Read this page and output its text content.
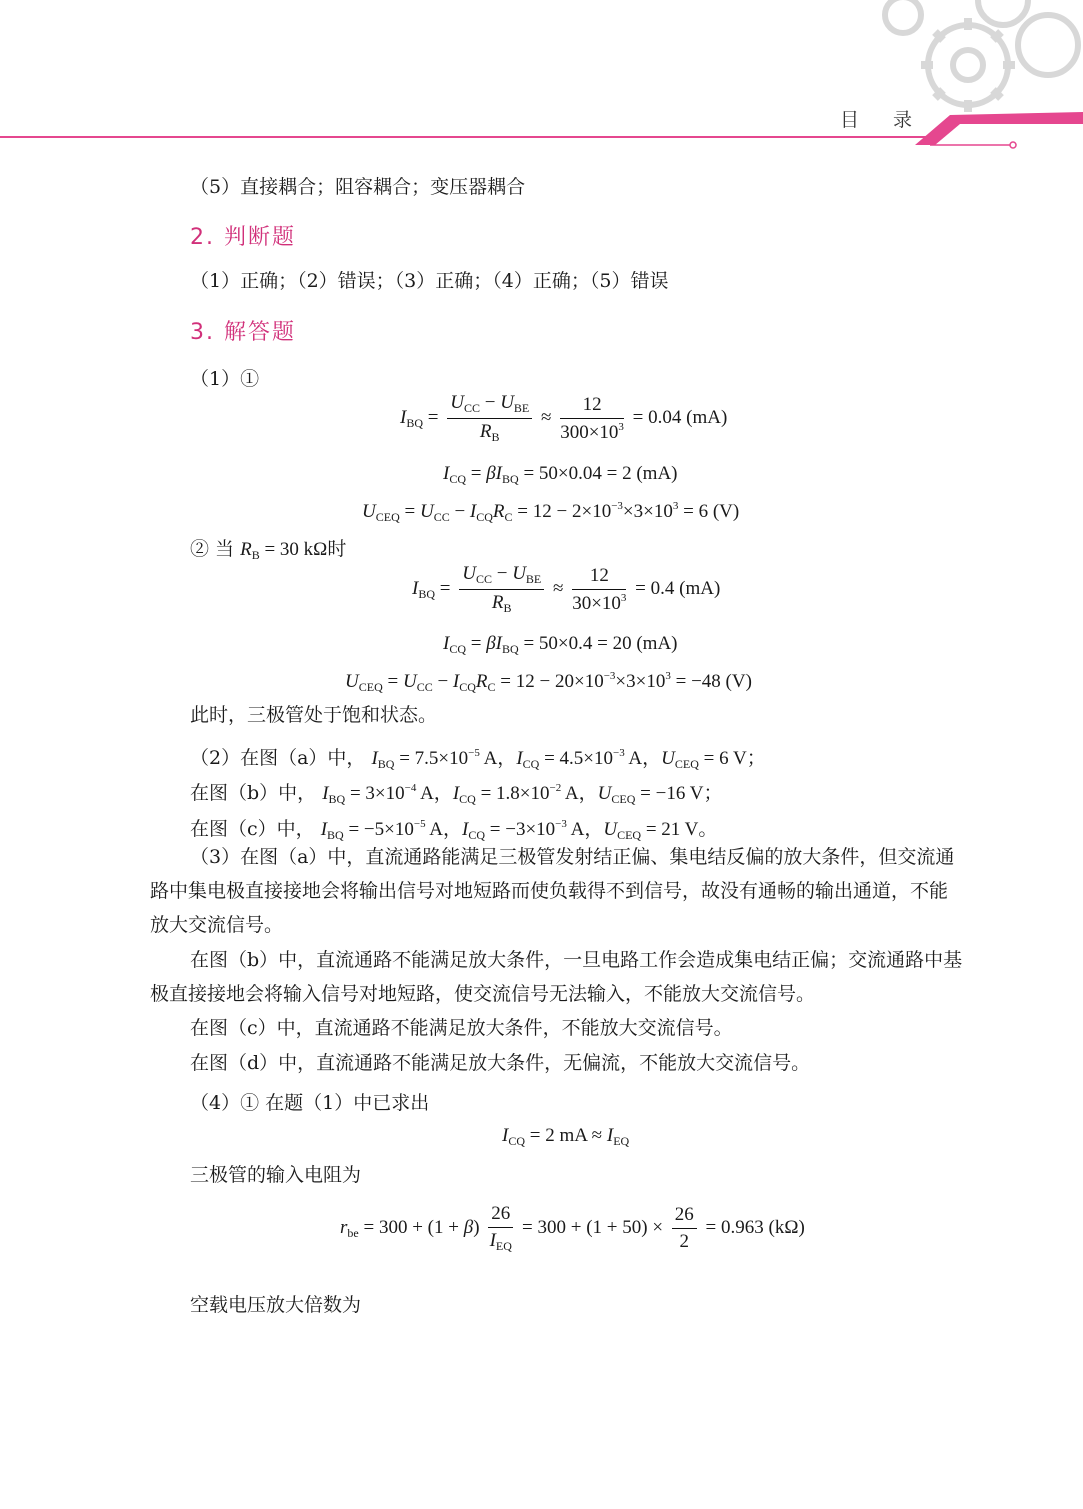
目 录
（5）直接耦合；阻容耦合；变压器耦合
2. 判断题
（1）正确；（2）错误；（3）正确；（4）正确；（5）错误
3. 解答题
（1）①
$I_{BQ} = \frac{U_{CC} - U_{BE}}{R_B} \approx \frac{12}{300\times 10^3} = 0.04$ (mA)
$I_{CQ} = \beta I_{BQ} = 50\times 0.04 = 2$ (mA)
$U_{CEQ} = U_{CC} - I_{CQ}R_C = 12 - 2\times 10^{-3}\times 3\times 10^3 = 6$ (V)
② 当 $R_B = 30$ kΩ时
$I_{BQ} = \frac{U_{CC} - U_{BE}}{R_B} \approx \frac{12}{30\times 10^3} = 0.4$ (mA)
$I_{CQ} = \beta I_{BQ} = 50\times 0.4 = 20$ (mA)
$U_{CEQ} = U_{CC} - I_{CQ}R_C = 12 - 20\times 10^{-3}\times 3\times 10^3 = -48$ (V)
此时，三极管处于饱和状态。
（2）在图（a）中， $I_{BQ} = 7.5\times 10^{-5}$ A，$I_{CQ} = 4.5\times 10^{-3}$ A，$U_{CEQ} = 6$ V；
在图（b）中， $I_{BQ} = 3\times 10^{-4}$ A，$I_{CQ} = 1.8\times 10^{-2}$ A，$U_{CEQ} = -16$ V；
在图（c）中， $I_{BQ} = -5\times 10^{-5}$ A，$I_{CQ} = -3\times 10^{-3}$ A，$U_{CEQ} = 21$ V。
（3）在图（a）中，直流通路能满足三极管发射结正偏、集电结反偏的放大条件，但交流通路中集电极直接接地会将输出信号对地短路而使负载得不到信号，故没有通畅的输出通道，不能放大交流信号。
在图（b）中，直流通路不能满足放大条件，一旦电路工作会造成集电结正偏；交流通路中基极直接接地会将输入信号对地短路，使交流信号无法输入，不能放大交流信号。
在图（c）中，直流通路不能满足放大条件，不能放大交流信号。
在图（d）中，直流通路不能满足放大条件，无偏流，不能放大交流信号。
（4）① 在题（1）中已求出
$I_{CQ} = 2$ mA ≈ $I_{EQ}$
三极管的输入电阻为
$r_{be} = 300 + (1 + \beta) \frac{26}{I_{EQ}} = 300 + (1 + 50) \times \frac{26}{2} = 0.963$ (kΩ)
空载电压放大倍数为
